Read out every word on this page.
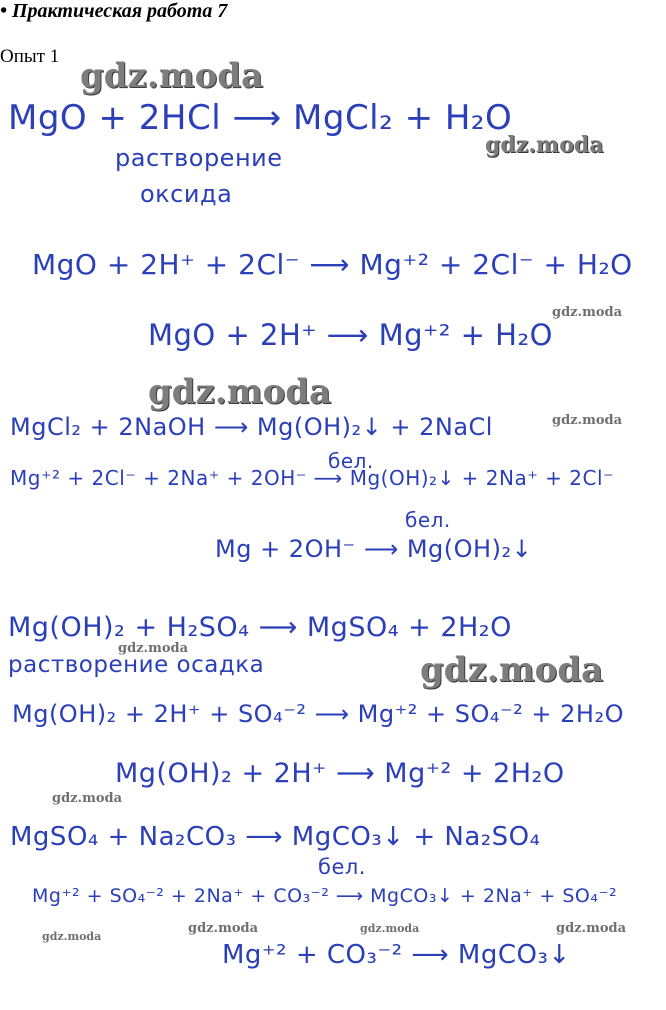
• Практическая работа 7
Опыт 1 gdz.moda
gdz.moda
gdz.moda
gdz.moda
gdz.moda
gdz.moda
gdz.moda
gdz.moda
gdz.moda
gdz.moda	gdz.moda	gdz.moda
MgO + 2HCl ⟶ MgCl₂ + H₂O
растворение
оксида
MgO + 2H⁺ + 2Cl⁻ ⟶ Mg⁺² + 2Cl⁻ + H₂O
MgO + 2H⁺ ⟶ Mg⁺² + H₂O
MgCl₂ + 2NaOH ⟶ Mg(OH)₂↓ + 2NaCl
бел.
Mg⁺² + 2Cl⁻ + 2Na⁺ + 2OH⁻ ⟶ Mg(OH)₂↓ + 2Na⁺ + 2Cl⁻
бел.
Mg + 2OH⁻ ⟶ Mg(OH)₂↓
Mg(OH)₂ + H₂SO₄ ⟶ MgSO₄ + 2H₂O
растворение осадка
Mg(OH)₂ + 2H⁺ + SO₄⁻² ⟶ Mg⁺² + SO₄⁻² + 2H₂O
Mg(OH)₂ + 2H⁺ ⟶ Mg⁺² + 2H₂O
MgSO₄ + Na₂CO₃ ⟶ MgCO₃↓ + Na₂SO₄
бел.
Mg⁺² + SO₄⁻² + 2Na⁺ + CO₃⁻² ⟶ MgCO₃↓ + 2Na⁺ + SO₄⁻²
Mg⁺² + CO₃⁻² ⟶ MgCO₃↓
